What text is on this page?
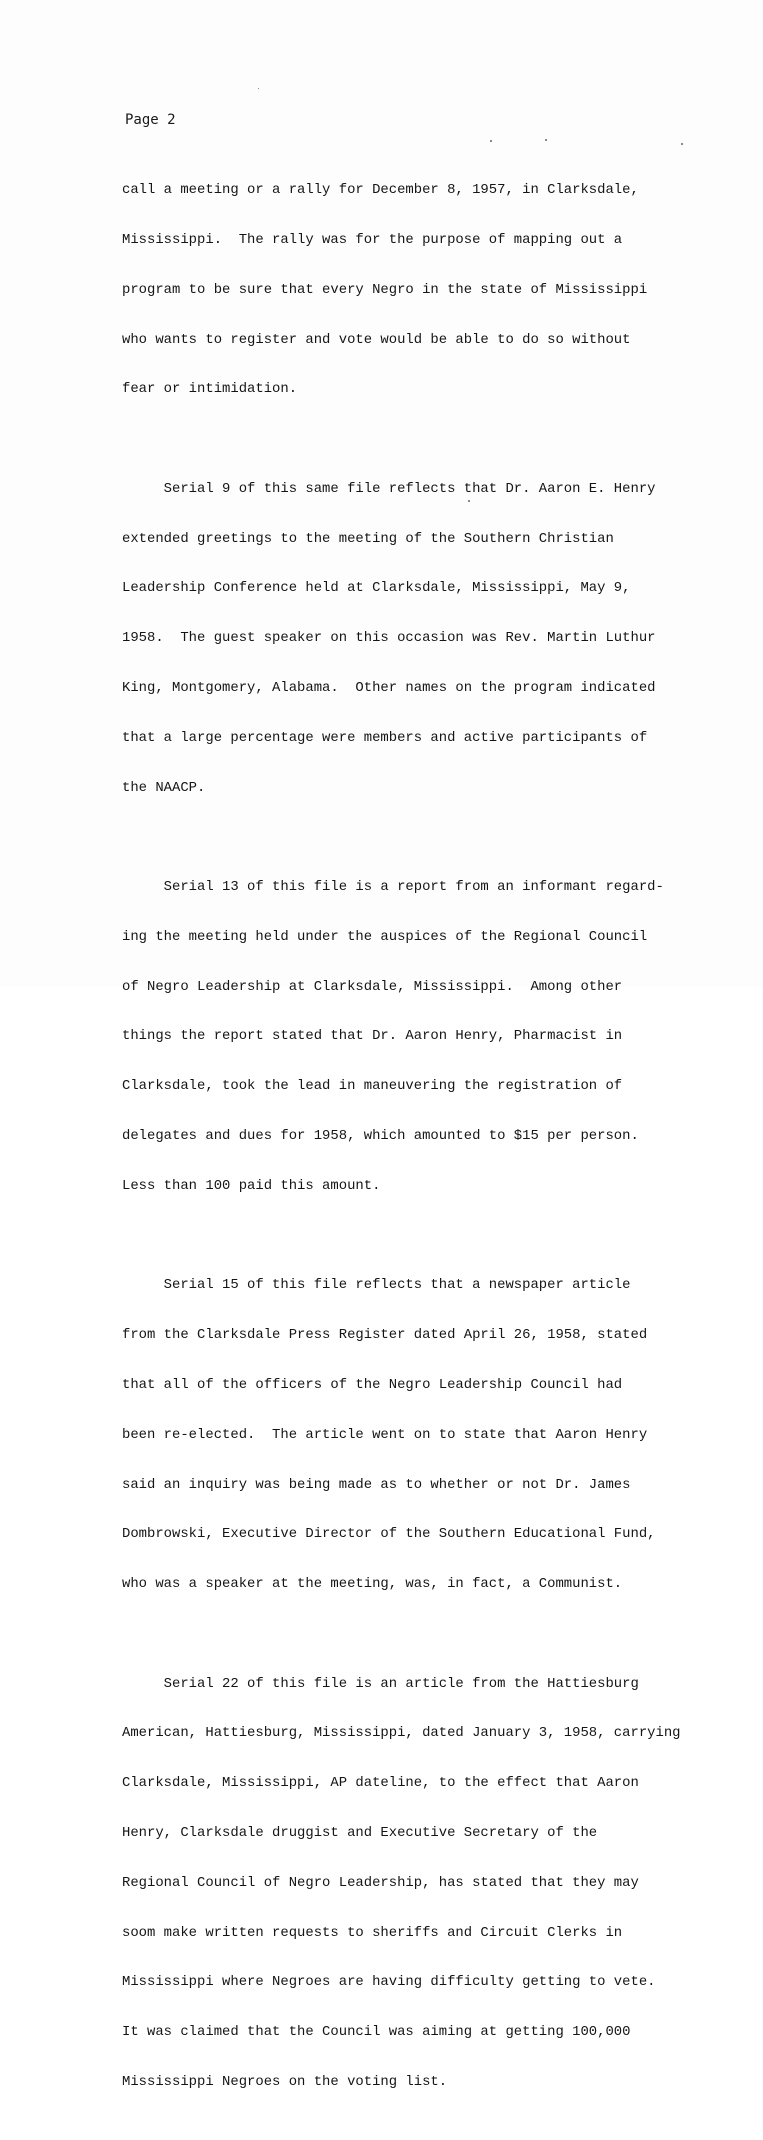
Page 2

call a meeting or a rally for December 8, 1957, in Clarksdale,

Mississippi.  The rally was for the purpose of mapping out a

program to be sure that every Negro in the state of Mississippi

who wants to register and vote would be able to do so without

fear or intimidation.

Serial 9 of this same file reflects that Dr. Aaron E. Henry

extended greetings to the meeting of the Southern Christian

Leadership Conference held at Clarksdale, Mississippi, May 9,

1958.  The guest speaker on this occasion was Rev. Martin Luthur

King, Montgomery, Alabama.  Other names on the program indicated

that a large percentage were members and active participants of

the NAACP.

Serial 13 of this file is a report from an informant regard-

ing the meeting held under the auspices of the Regional Council

of Negro Leadership at Clarksdale, Mississippi.  Among other

things the report stated that Dr. Aaron Henry, Pharmacist in

Clarksdale, took the lead in maneuvering the registration of

delegates and dues for 1958, which amounted to $15 per person.

Less than 100 paid this amount.

Serial 15 of this file reflects that a newspaper article

from the Clarksdale Press Register dated April 26, 1958, stated

that all of the officers of the Negro Leadership Council had

been re-elected.  The article went on to state that Aaron Henry

said an inquiry was being made as to whether or not Dr. James

Dombrowski, Executive Director of the Southern Educational Fund,

who was a speaker at the meeting, was, in fact, a Communist.

Serial 22 of this file is an article from the Hattiesburg

American, Hattiesburg, Mississippi, dated January 3, 1958, carrying

Clarksdale, Mississippi, AP dateline, to the effect that Aaron

Henry, Clarksdale druggist and Executive Secretary of the

Regional Council of Negro Leadership, has stated that they may

soom make written requests to sheriffs and Circuit Clerks in

Mississippi where Negroes are having difficulty getting to vete.

It was claimed that the Council was aiming at getting 100,000

Mississippi Negroes on the voting list.
